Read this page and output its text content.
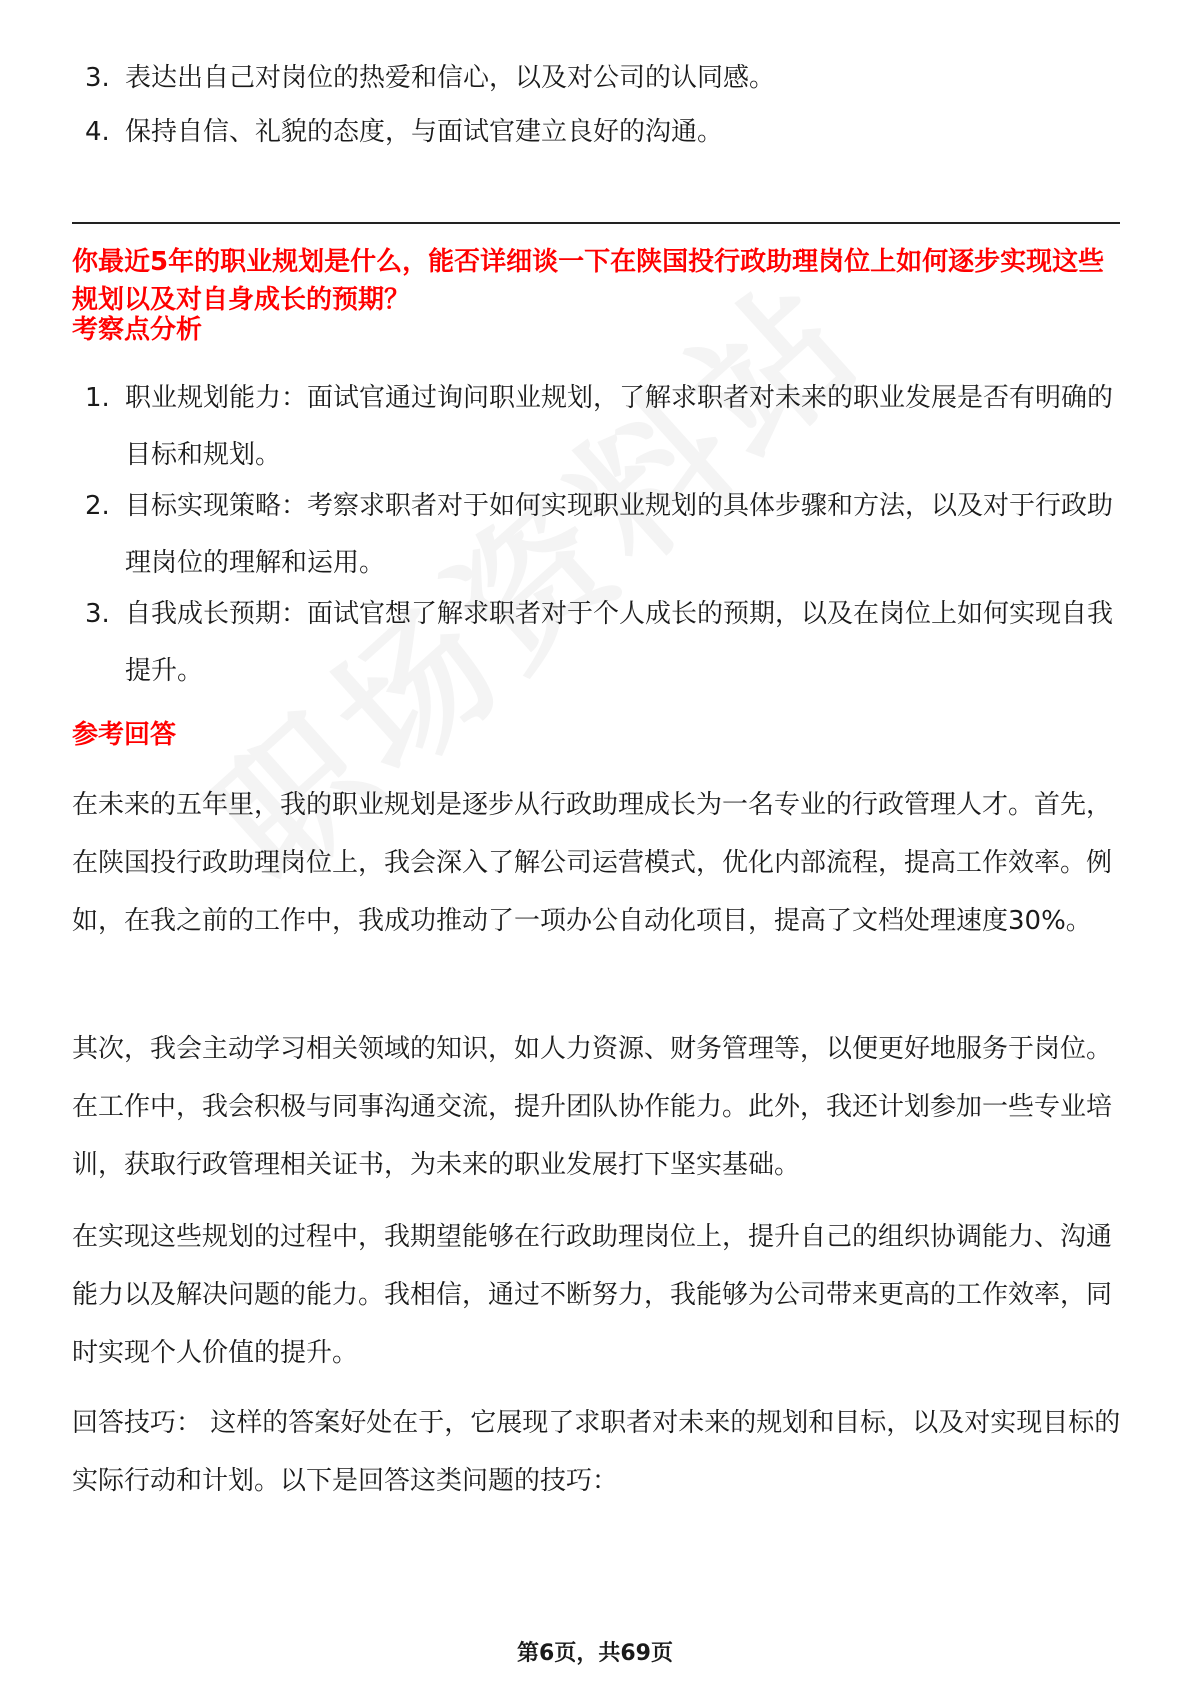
3. 表达出自己对岗位的热爱和信心，以及对公司的认同感。
4. 保持自信、礼貌的态度，与面试官建立良好的沟通。
你最近5年的职业规划是什么，能否详细谈一下在陕国投行政助理岗位上如何逐步实现这些规划以及对自身成长的预期？
考察点分析
1. 职业规划能力：面试官通过询问职业规划，了解求职者对未来的职业发展是否有明确的目标和规划。
2. 目标实现策略：考察求职者对于如何实现职业规划的具体步骤和方法，以及对于行政助理岗位的理解和运用。
3. 自我成长预期：面试官想了解求职者对于个人成长的预期，以及在岗位上如何实现自我提升。
参考回答
在未来的五年里，我的职业规划是逐步从行政助理成长为一名专业的行政管理人才。首先，在陕国投行政助理岗位上，我会深入了解公司运营模式，优化内部流程，提高工作效率。例如，在我之前的工作中，我成功推动了一项办公自动化项目，提高了文档处理速度30%。
其次，我会主动学习相关领域的知识，如人力资源、财务管理等，以便更好地服务于岗位。在工作中，我会积极与同事沟通交流，提升团队协作能力。此外，我还计划参加一些专业培训，获取行政管理相关证书，为未来的职业发展打下坚实基础。
在实现这些规划的过程中，我期望能够在行政助理岗位上，提升自己的组织协调能力、沟通能力以及解决问题的能力。我相信，通过不断努力，我能够为公司带来更高的工作效率，同时实现个人价值的提升。
回答技巧： 这样的答案好处在于，它展现了求职者对未来的规划和目标，以及对实现目标的实际行动和计划。以下是回答这类问题的技巧：
第6页，共69页
